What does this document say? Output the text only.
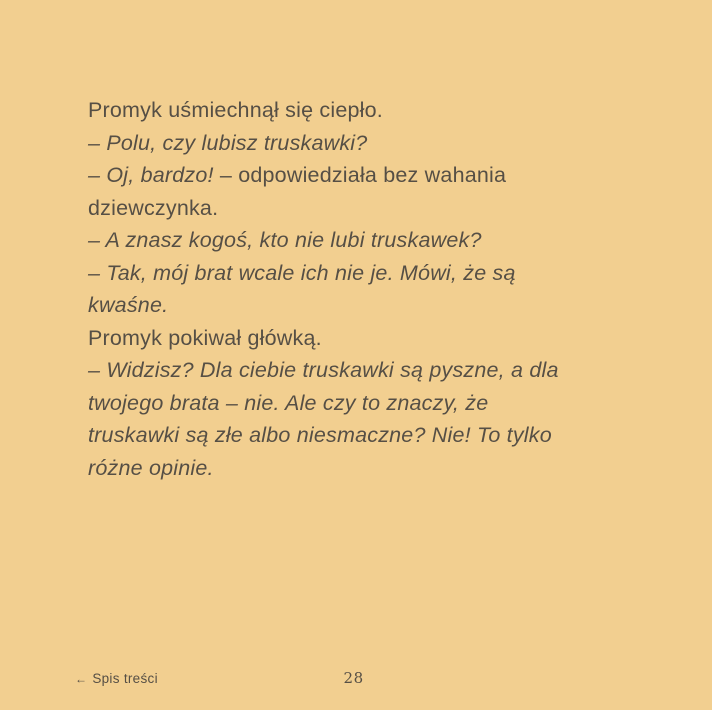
Promyk uśmiechnął się ciepło.
– Polu, czy lubisz truskawki?
– Oj, bardzo! – odpowiedziała bez wahania
dziewczynka.
– A znasz kogoś, kto nie lubi truskawek?
– Tak, mój brat wcale ich nie je. Mówi, że są
kwaśne.
Promyk pokiwał główką.
– Widzisz? Dla ciebie truskawki są pyszne, a dla
twojego brata – nie. Ale czy to znaczy, że
truskawki są złe albo niesmaczne? Nie! To tylko
różne opinie.
← Spis treści	28
